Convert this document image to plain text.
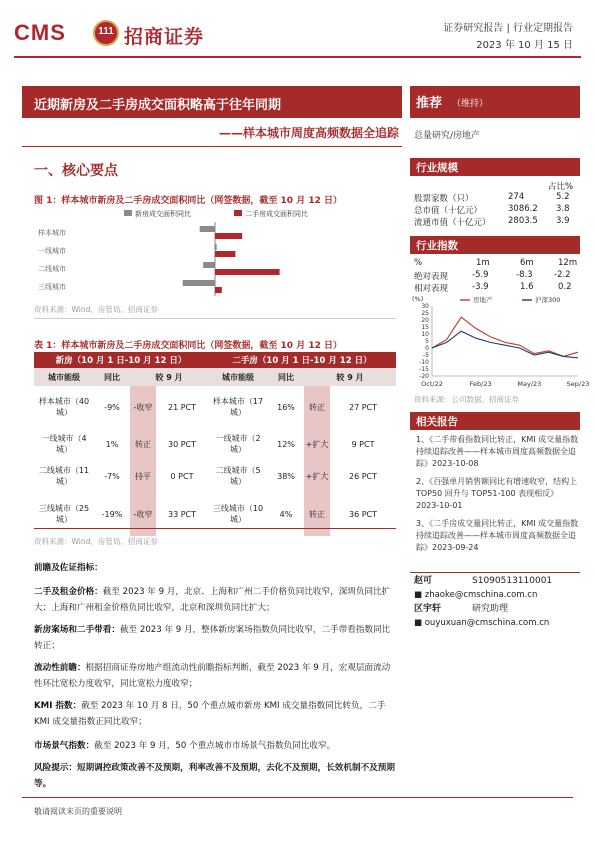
CMS	111 招商证券	证券研究报告 | 行业定期报告
2023 年 10 月 15 日
近期新房及二手房成交面积略高于往年同期
——样本城市周度高频数据全追踪
推荐 （维持）
总量研究/房地产
一、核心要点
图 1：样本城市新房及二手房成交面积同比（网签数据，截至 10 月 12 日）
新房成交面积同比	二手房成交面积同比
样本城市
一线城市
二线城市
三线城市
资料来源：Wind、房管局、招商证券
表 1：样本城市新房及二手房成交面积同比（网签数据，截至 10 月 12 日）
新房（10 月 1 日-10 月 12 日）				二手房（10 月 1 日-10 月 12 日）			
城市能级	同比	较 9 月		城市能级	同比	较 9 月	
样本城市（40 城）	-9%	-收窄	21 PCT	样本城市（17 城）	16%	转正	27 PCT
一线城市（4 城）	1%	转正	30 PCT	一线城市（2 城）	12%	+扩大	9 PCT
二线城市（11 城）	-7%	持平	0 PCT	二线城市（5 城）	38%	+扩大	26 PCT
三线城市（25 城）	-19%	-收窄	33 PCT	三线城市（10 城）	4%	转正	36 PCT
资料来源：Wind、房管局、招商证券
前瞻及佐证指标：
二手及租金价格：截至 2023 年 9 月，北京、上海和广州二手价格负同比收窄，深圳负同比扩大；上海和广州租金价格负同比收窄，北京和深圳负同比扩大；
新房案场和二手带看：截至 2023 年 9 月，整体新房案场指数负同比收窄，二手带看指数同比转正；
流动性前瞻：根据招商证券房地产组流动性前瞻指标判断，截至 2023 年 9 月，宏观层面流动性环比宽松力度收窄，同比宽松力度收窄；
KMI 指数：截至 2023 年 10 月 8 日，50 个重点城市新房 KMI 成交量指数同比转负，二手 KMI 成交量指数正同比收窄；
市场景气指数：截至 2023 年 9 月，50 个重点城市市场景气指数负同比收窄。
风险提示：短期调控政策改善不及预期，利率改善不及预期，去化不及预期，长效机制不及预期等。
行业规模
占比%
股票家数（只）	274	5.2
总市值（十亿元）	3086.2 3.8
流通市值（十亿元） 2803.5 3.9
行业指数
%	1m	6m	12m
绝对表现	-5.9	-8.3	-2.2
相对表现	-3.9	1.6	0.2
(%)
30
25
20
15
10
5
0
-5
-10
-15
-20
Oct/22	Feb/23	May/23	Sep/23
房地产	沪深300
资料来源：公司数据、招商证券
相关报告
1、《二手带看指数同比转正，KMI 成交量指数持续追踪改善——样本城市周度高频数据全追踪》2023-10-08
2、《百强单月销售额同比有增速收窄，结构上 TOP50 回升与 TOP51-100 表现相反》2023-10-01
3、《二手房成交量同比转正，KMI 成交量指数持续追踪改善——样本城市周度高频数据全追踪》2023-09-24
赵可	S1090513110001
■ zhaoke@cmschina.com.cn
区宇轩	研究助理
■ ouyuxuan@cmschina.com.cn
敬请阅读末页的重要说明
